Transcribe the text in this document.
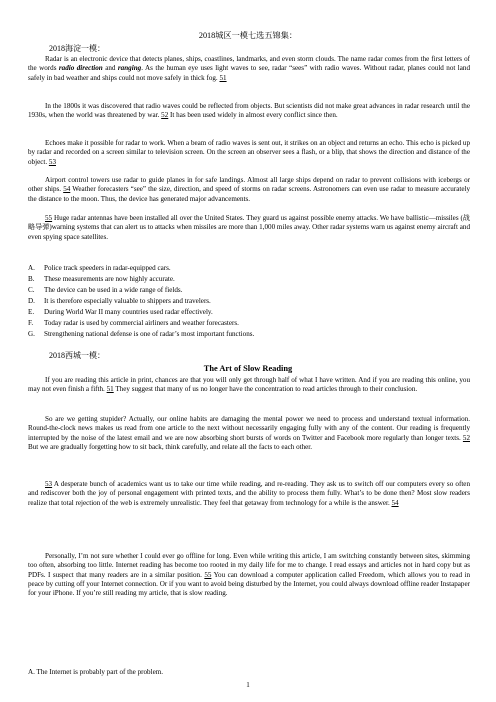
2018城区一模七选五锦集：
2018海淀一模：
Radar is an electronic device that detects planes, ships, coastlines, landmarks, and even storm clouds. The name radar comes from the first letters of the words radio direction and ranging. As the human eye uses light waves to see, radar “sees” with radio waves. Without radar, planes could not land safely in bad weather and ships could not move safely in thick fog. 51
In the 1800s it was discovered that radio waves could be reflected from objects. But scientists did not make great advances in radar research until the 1930s, when the world was threatened by war. 52 It has been used widely in almost every conflict since then.
Echoes make it possible for radar to work. When a beam of radio waves is sent out, it strikes on an object and returns an echo. This echo is picked up by radar and recorded on a screen similar to television screen. On the screen an observer sees a flash, or a blip, that shows the direction and distance of the object. 53
Airport control towers use radar to guide planes in for safe landings. Almost all large ships depend on radar to prevent collisions with icebergs or other ships. 54 Weather forecasters “see” the size, direction, and speed of storms on radar screens. Astronomers can even use radar to measure accurately the distance to the moon. Thus, the device has generated major advancements.
55 Huge radar antennas have been installed all over the United States. They guard us against possible enemy attacks. We have ballistic—missiles (战略导弹)warning systems that can alert us to attacks when missiles are more than 1,000 miles away. Other radar systems warn us against enemy aircraft and even spying space satellites.
A. Police track speeders in radar-equipped cars.
B. These measurements are now highly accurate.
C. The device can be used in a wide range of fields.
D. It is therefore especially valuable to shippers and travelers.
E. During World War II many countries used radar effectively.
F. Today radar is used by commercial airliners and weather forecasters.
G. Strengthening national defense is one of radar’s most important functions.
2018西城一模：
The Art of Slow Reading
If you are reading this article in print, chances are that you will only get through half of what I have written. And if you are reading this online, you may not even finish a fifth. 51 They suggest that many of us no longer have the concentration to read articles through to their conclusion.
So are we getting stupider? Actually, our online habits are damaging the mental power we need to process and understand textual information. Round-the-clock news makes us read from one article to the next without necessarily engaging fully with any of the content. Our reading is frequently interrupted by the noise of the latest email and we are now absorbing short bursts of words on Twitter and Facebook more regularly than longer texts. 52 But we are gradually forgetting how to sit back, think carefully, and relate all the facts to each other.
53 A desperate bunch of academics want us to take our time while reading, and re-reading. They ask us to switch off our computers every so often and rediscover both the joy of personal engagement with printed texts, and the ability to process them fully. What’s to be done then? Most slow readers realize that total rejection of the web is extremely unrealistic. They feel that getaway from technology for a while is the answer. 54
Personally, I’m not sure whether I could ever go offline for long. Even while writing this article, I am switching constantly between sites, skimming too often, absorbing too little. Internet reading has become too rooted in my daily life for me to change. I read essays and articles not in hard copy but as PDFs. I suspect that many readers are in a similar position. 55 You can download a computer application called Freedom, which allows you to read in peace by cutting off your Internet connection. Or if you want to avoid being disturbed by the Internet, you could always download offline reader Instapaper for your iPhone. If you’re still reading my article, that is slow reading.
A. The Internet is probably part of the problem.
1
